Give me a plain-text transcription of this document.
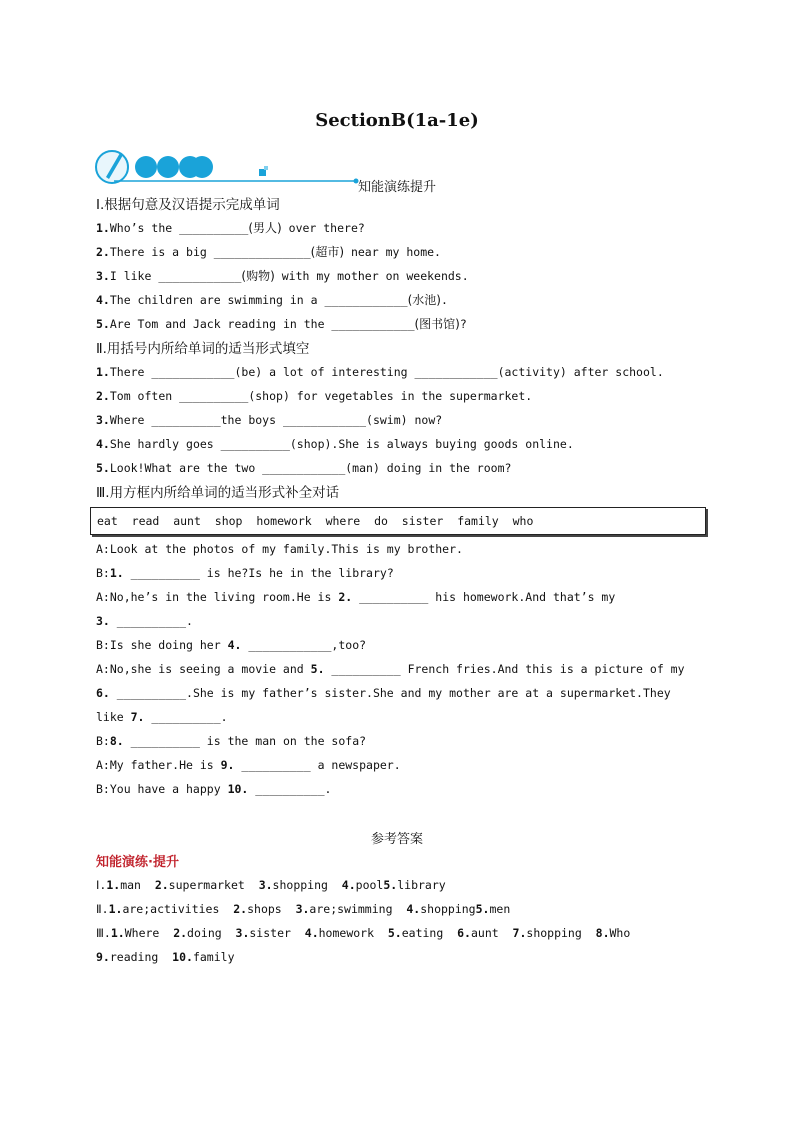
SectionB(1a-1e)
知能演练提升
Ⅰ.根据句意及汉语提示完成单词
Ⅱ.用括号内所给单词的适当形式填空
Ⅲ.用方框内所给单词的适当形式补全对话
eat read aunt shop homework where do sister family who
参考答案
知能演练·提升
1.Who’s the __________(男人) over there?
2.There is a big ______________(超市) near my home.
3.I like ____________(购物) with my mother on weekends.
4.The children are swimming in a ____________(水池).
5.Are Tom and Jack reading in the ____________(图书馆)?
1.There ____________(be) a lot of interesting ____________(activity) after school.
2.Tom often __________(shop) for vegetables in the supermarket.
3.Where __________the boys ____________(swim) now?
4.She hardly goes __________(shop).She is always buying goods online.
5.Look!What are the two ____________(man) doing in the room?
A:Look at the photos of my family.This is my brother.
B:1. __________ is he?Is he in the library?
A:No,he’s in the living room.He is 2. __________ his homework.And that’s my
3. __________.
B:Is she doing her 4. ____________,too?
A:No,she is seeing a movie and 5. __________ French fries.And this is a picture of my
6. __________.She is my father’s sister.She and my mother are at a supermarket.They
like 7. __________.
B:8. __________ is the man on the sofa?
A:My father.He is 9. __________ a newspaper.
B:You have a happy 10. __________.
Ⅰ.1.man  2.supermarket  3.shopping  4.pool5.library
Ⅱ.1.are;activities  2.shops  3.are;swimming  4.shopping5.men
Ⅲ.1.Where  2.doing  3.sister  4.homework  5.eating  6.aunt  7.shopping  8.Who
9.reading  10.family
